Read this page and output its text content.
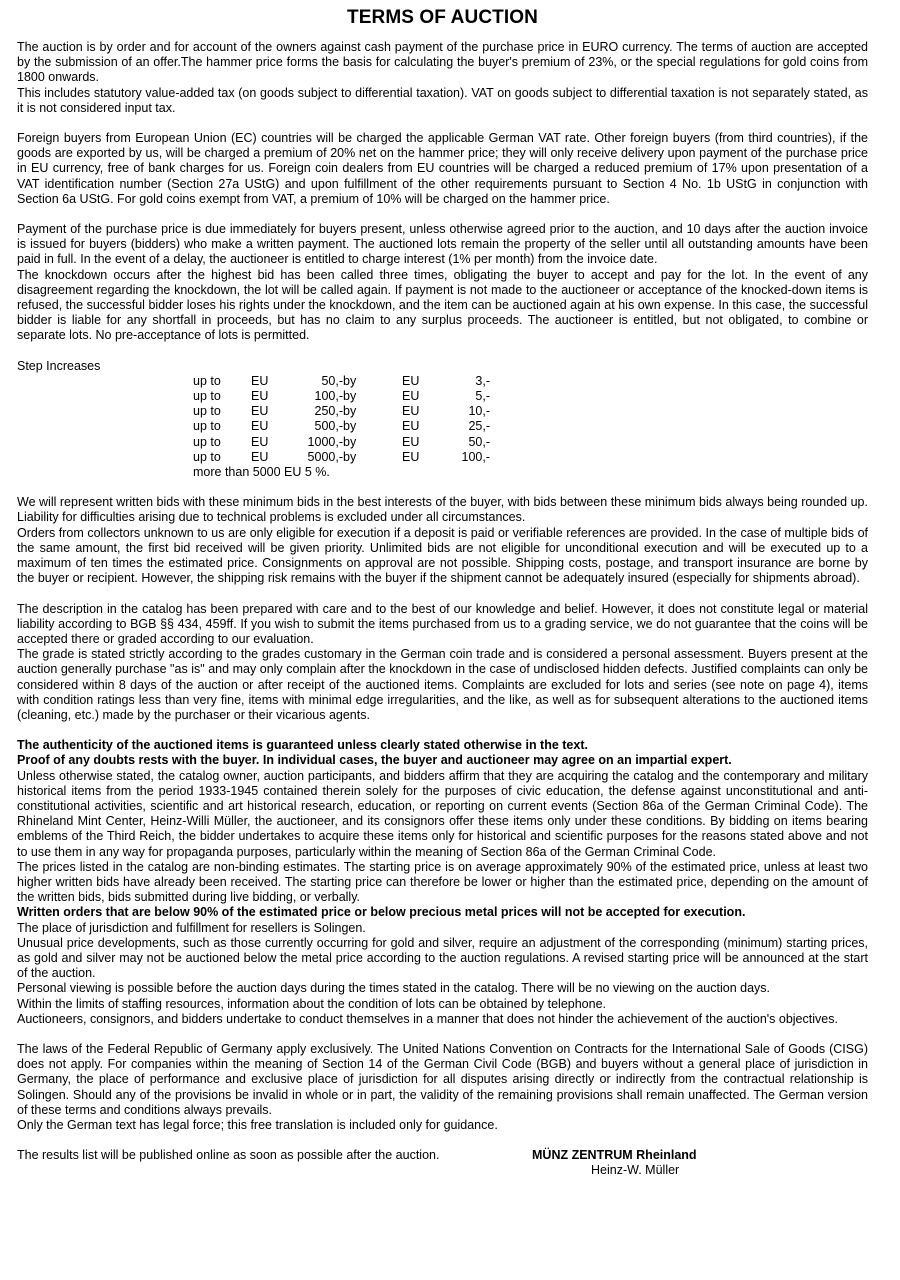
TERMS OF AUCTION

The auction is by order and for account of the owners against cash payment of the purchase price in EURO currency. The terms of auction are accepted by the submission of an offer.The hammer price forms the basis for calculating the buyer's premium of 23%, or the special regulations for gold coins from 1800 onwards.

This includes statutory value-added tax (on goods subject to differential taxation). VAT on goods subject to differential taxation is not separately stated, as it is not considered input tax.

Foreign buyers from European Union (EC) countries will be charged the applicable German VAT rate. Other foreign buyers (from third countries), if the goods are exported by us, will be charged a premium of 20% net on the hammer price; they will only receive delivery upon payment of the purchase price in EU currency, free of bank charges for us. Foreign coin dealers from EU countries will be charged a reduced premium of 17% upon presentation of a VAT identification number (Section 27a UStG) and upon fulfillment of the other requirements pursuant to Section 4 No. 1b UStG in conjunction with Section 6a UStG. For gold coins exempt from VAT, a premium of 10% will be charged on the hammer price.

Payment of the purchase price is due immediately for buyers present, unless otherwise agreed prior to the auction, and 10 days after the auction invoice is issued for buyers (bidders) who make a written payment. The auctioned lots remain the property of the seller until all outstanding amounts have been paid in full. In the event of a delay, the auctioneer is entitled to charge interest (1% per month) from the invoice date.

The knockdown occurs after the highest bid has been called three times, obligating the buyer to accept and pay for the lot. In the event of any disagreement regarding the knockdown, the lot will be called again. If payment is not made to the auctioneer or acceptance of the knocked-down items is refused, the successful bidder loses his rights under the knockdown, and the item can be auctioned again at his own expense. In this case, the successful bidder is liable for any shortfall in proceeds, but has no claim to any surplus proceeds. The auctioneer is entitled, but not obligated, to combine or separate lots. No pre-acceptance of lots is permitted.

Step Increases

up to	EU	50,-	by	EU	3,-
up to	EU	100,-	by	EU	5,-
up to	EU	250,-	by	EU	10,-
up to	EU	500,-	by	EU	25,-
up to	EU	1000,-	by	EU	50,-
up to	EU	5000,-	by	EU	100,-
more than 5000 EU 5 %.

We will represent written bids with these minimum bids in the best interests of the buyer, with bids between these minimum bids always being rounded up. Liability for difficulties arising due to technical problems is excluded under all circumstances.

Orders from collectors unknown to us are only eligible for execution if a deposit is paid or verifiable references are provided. In the case of multiple bids of the same amount, the first bid received will be given priority. Unlimited bids are not eligible for unconditional execution and will be executed up to a maximum of ten times the estimated price. Consignments on approval are not possible. Shipping costs, postage, and transport insurance are borne by the buyer or recipient. However, the shipping risk remains with the buyer if the shipment cannot be adequately insured (especially for shipments abroad).

The description in the catalog has been prepared with care and to the best of our knowledge and belief. However, it does not constitute legal or material liability according to BGB §§ 434, 459ff. If you wish to submit the items purchased from us to a grading service, we do not guarantee that the coins will be accepted there or graded according to our evaluation.

The grade is stated strictly according to the grades customary in the German coin trade and is considered a personal assessment. Buyers present at the auction generally purchase "as is" and may only complain after the knockdown in the case of undisclosed hidden defects. Justified complaints can only be considered within 8 days of the auction or after receipt of the auctioned items. Complaints are excluded for lots and series (see note on page 4), items with condition ratings less than very fine, items with minimal edge irregularities, and the like, as well as for subsequent alterations to the auctioned items (cleaning, etc.) made by the purchaser or their vicarious agents.

The authenticity of the auctioned items is guaranteed unless clearly stated otherwise in the text.

Proof of any doubts rests with the buyer. In individual cases, the buyer and auctioneer may agree on an impartial expert.

Unless otherwise stated, the catalog owner, auction participants, and bidders affirm that they are acquiring the catalog and the contemporary and military historical items from the period 1933-1945 contained therein solely for the purposes of civic education, the defense against unconstitutional and anti-constitutional activities, scientific and art historical research, education, or reporting on current events (Section 86a of the German Criminal Code). The Rhineland Mint Center, Heinz-Willi Müller, the auctioneer, and its consignors offer these items only under these conditions. By bidding on items bearing emblems of the Third Reich, the bidder undertakes to acquire these items only for historical and scientific purposes for the reasons stated above and not to use them in any way for propaganda purposes, particularly within the meaning of Section 86a of the German Criminal Code.

The prices listed in the catalog are non-binding estimates. The starting price is on average approximately 90% of the estimated price, unless at least two higher written bids have already been received. The starting price can therefore be lower or higher than the estimated price, depending on the amount of the written bids, bids submitted during live bidding, or verbally.

Written orders that are below 90% of the estimated price or below precious metal prices will not be accepted for execution.

The place of jurisdiction and fulfillment for resellers is Solingen.

Unusual price developments, such as those currently occurring for gold and silver, require an adjustment of the corresponding (minimum) starting prices, as gold and silver may not be auctioned below the metal price according to the auction regulations. A revised starting price will be announced at the start of the auction.

Personal viewing is possible before the auction days during the times stated in the catalog. There will be no viewing on the auction days.

Within the limits of staffing resources, information about the condition of lots can be obtained by telephone.

Auctioneers, consignors, and bidders undertake to conduct themselves in a manner that does not hinder the achievement of the auction's objectives.

The laws of the Federal Republic of Germany apply exclusively. The United Nations Convention on Contracts for the International Sale of Goods (CISG) does not apply. For companies within the meaning of Section 14 of the German Civil Code (BGB) and buyers without a general place of jurisdiction in Germany, the place of performance and exclusive place of jurisdiction for all disputes arising directly or indirectly from the contractual relationship is Solingen. Should any of the provisions be invalid in whole or in part, the validity of the remaining provisions shall remain unaffected. The German version of these terms and conditions always prevails.

Only the German text has legal force; this free translation is included only for guidance.

The results list will be published online as soon as possible after the auction.	MÜNZ ZENTRUM Rheinland
Heinz-W. Müller
